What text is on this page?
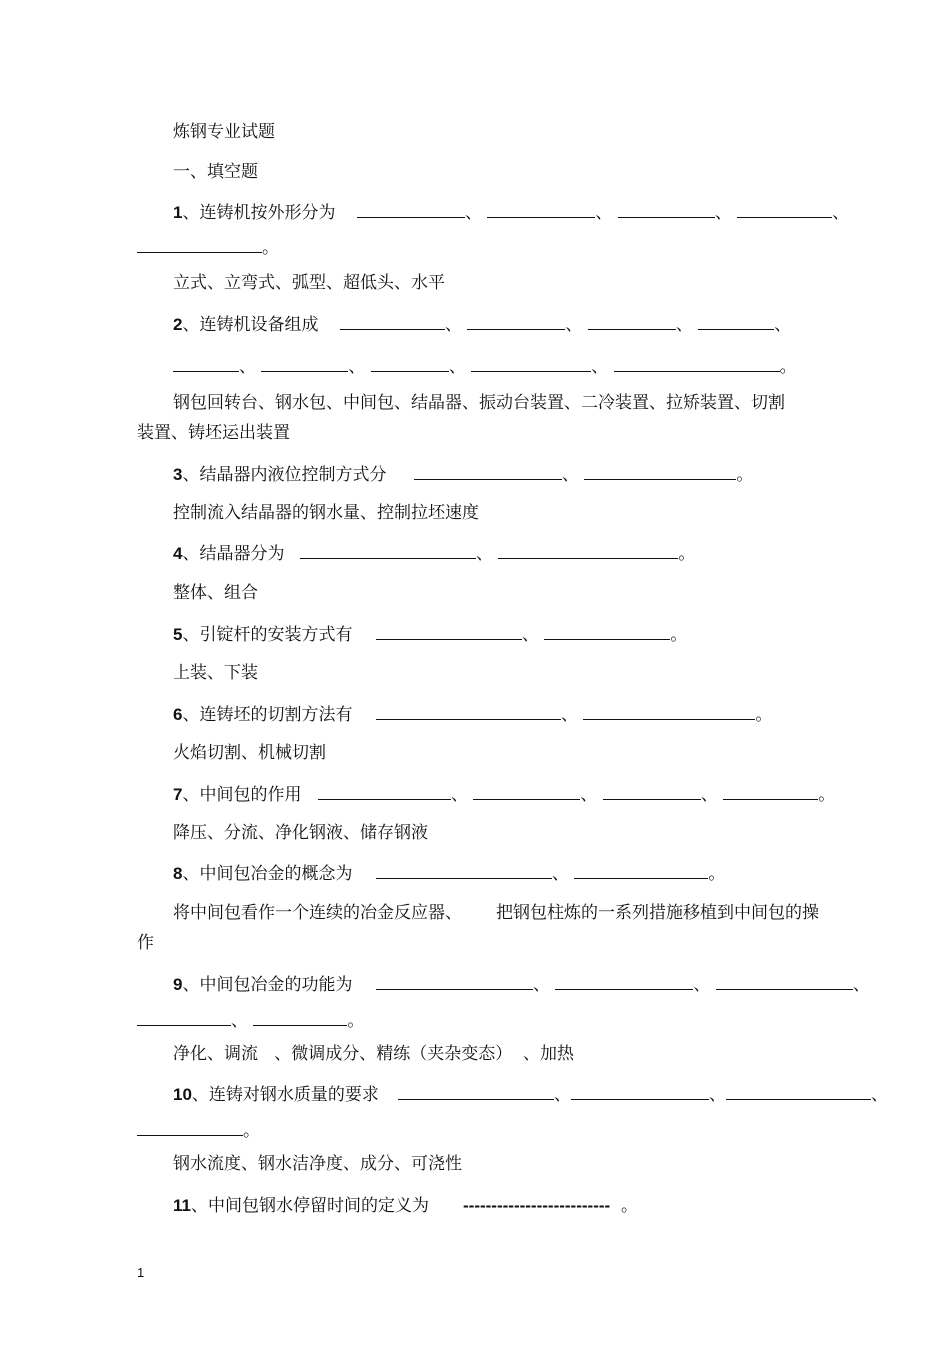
炼钢专业试题
一、填空题
1、连铸机按外形分为	、	、	、	、
。
立式、立弯式、弧型、超低头、水平
2、连铸机设备组成	、	、	、	、
、	、	、	、	。
钢包回转台、钢水包、中间包、结晶器、振动台装置、二冷装置、拉矫装置、切割
装置、铸坯运出装置
3、结晶器内液位控制方式分	、	。
控制流入结晶器的钢水量、控制拉坯速度
4、结晶器分为	、	。
整体、组合
5、引锭杆的安装方式有	、	。
上装、下装
6、连铸坯的切割方法有	、	。
火焰切割、机械切割
7、中间包的作用	、	、	、	。
降压、分流、净化钢液、储存钢液
8、中间包冶金的概念为	、	。
将中间包看作一个连续的冶金反应器、 把钢包柱炼的一系列措施移植到中间包的操
作
9、中间包冶金的功能为	、	、	、
、	。
净化、调流 、微调成分、精练（夹杂变态） 、加热
10、连铸对钢水质量的要求	、	、	、
。
钢水流度、钢水洁净度、成分、可浇性
11、中间包钢水停留时间的定义为 -------------------------- 。
1
